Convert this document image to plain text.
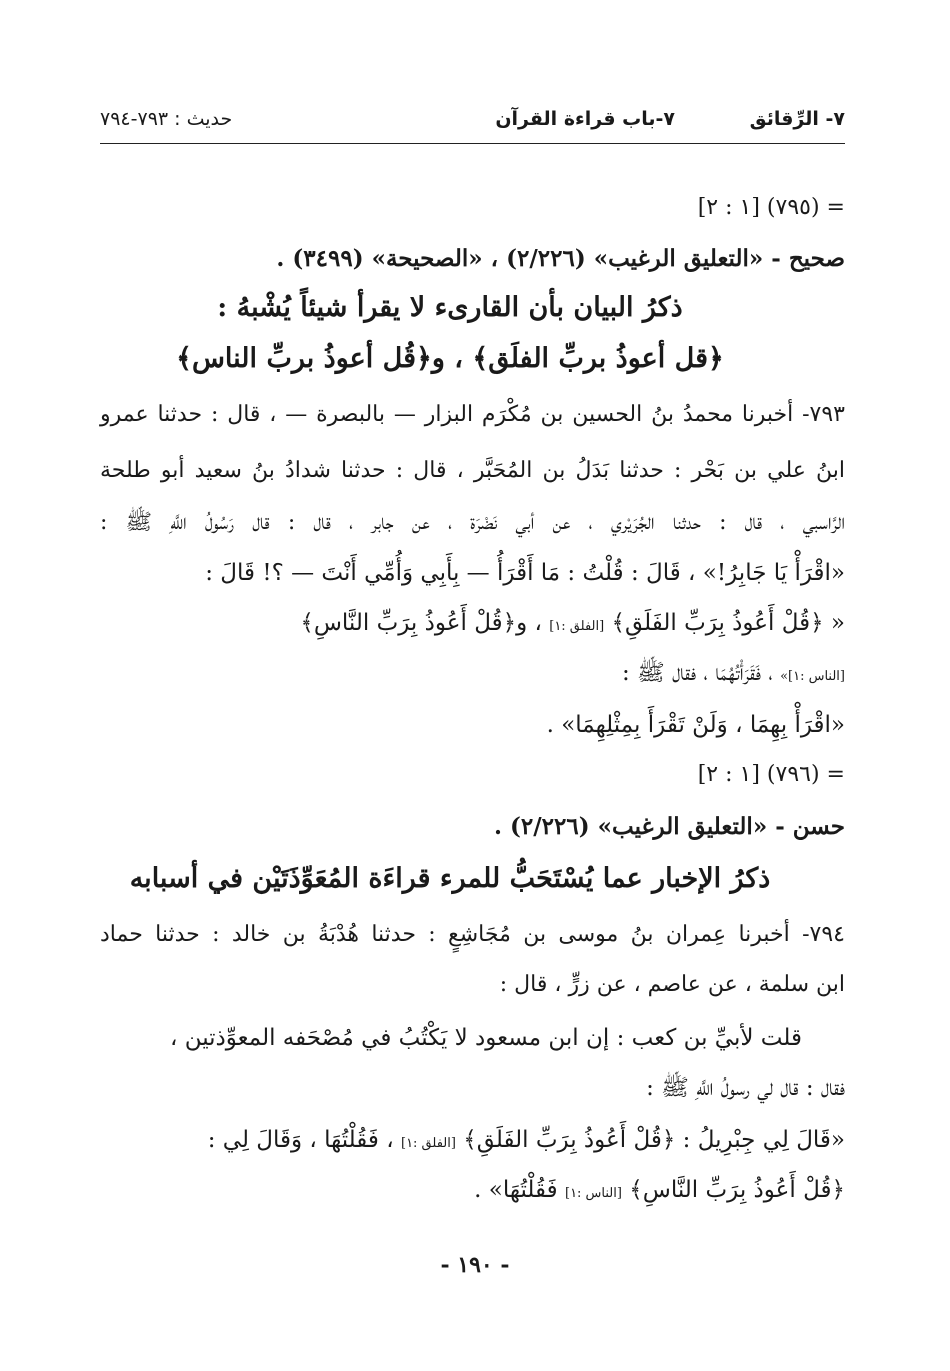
٧- الرِّقائق
٧-باب قراءة القرآن
حديث : ٧٩٣-٧٩٤
= (٧٩٥) [١ : ٢]
صحيح - «التعليق الرغيب» (٢/٢٢٦) ، «الصحيحة» (٣٤٩٩) .
ذكرُ البيان بأن القارىء لا يقرأ شيئاً يُشْبهُ :
﴿قل أعوذُ بربِّ الفلَق﴾ ، و﴿قُل أعوذُ بربِّ الناس﴾
٧٩٣- أخبرنا محمدُ بنُ الحسين بن مُكْرَم البزار — بالبصرة — ، قال : حدثنا عمرو
ابنُ علي بن بَحْر : حدثنا بَدَلُ بن المُحَبَّر ، قال : حدثنا شدادُ بنُ سعيد أبو طلحة
الرَّاسبي ، قال : حدثنا الجُرَيْري ، عن أبي نَضْرَة ، عن جابر ، قال : قال رَسُولُ اللَّهِ ﷺ :
«اقْرَأْ يَا جَابِرُ!» ، قَالَ : قُلْتُ : مَا أَقْرَأُ — بِأَبِي وَأُمِّي أَنْتَ — ؟! قَالَ :
« ﴿قُلْ أَعُوذُ بِرَبِّ الفَلَقِ﴾ [الفلق :١] ، و﴿قُلْ أَعُوذُ بِرَبِّ النَّاسِ﴾
[الناس :١]» ، فَقَرَأْتُهُمَا ، فقال ﷺ :
«اقْرَأْ بِهِمَا ، وَلَنْ تَقْرَأَ بِمِثْلِهِمَا» .
= (٧٩٦) [١ : ٢]
حسن - «التعليق الرغيب» (٢/٢٢٦) .
ذكرُ الإخبار عما يُسْتَحَبُّ للمرء قراءَة المُعَوِّذَتَيْن في أسبابه
٧٩٤- أخبرنا عِمران بنُ موسى بن مُجَاشِعٍ : حدثنا هُدْبَةُ بن خالد : حدثنا حماد
ابن سلمة ، عن عاصم ، عن زرٍّ ، قال :
قلت لأبيِّ بن كعب : إن ابن مسعود لا يَكْتُبُ في مُصْحَفه المعوِّذتين ،
فقال : قال لي رسولُ اللَّهِ ﷺ :
«قَالَ لِي جِبْرِيلُ : ﴿قُلْ أَعُوذُ بِرَبِّ الفَلَقِ﴾ [الفلق :١] ، فَقُلْتُهَا ، وَقَالَ لِي :
﴿قُلْ أَعُوذُ بِرَبِّ النَّاسِ﴾ [الناس :١] فَقُلْتُهَا» .
- ١٩٠ -
